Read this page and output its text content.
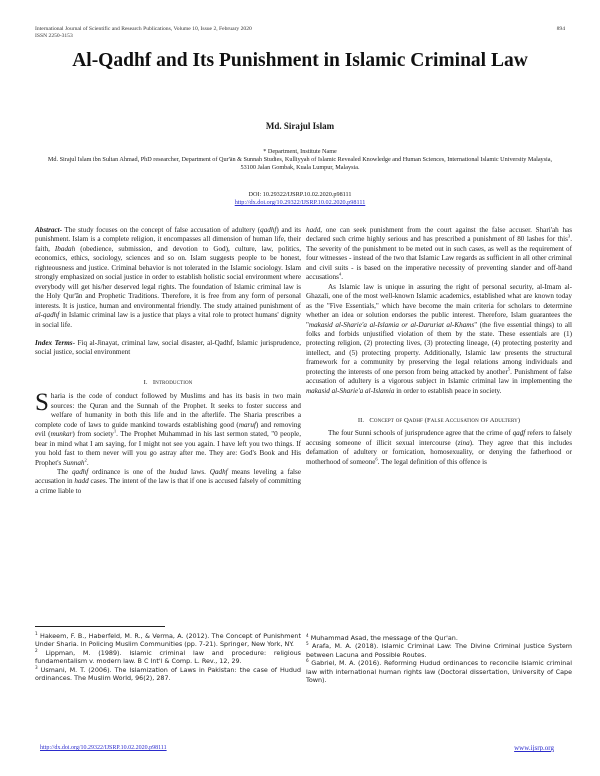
International Journal of Scientific and Research Publications, Volume 10, Issue 2, February 2020
ISSN 2250-3153
894
Al-Qadhf and Its Punishment in Islamic Criminal Law
Md. Sirajul Islam
* Department, Institute Name
Md. Sirajul Islam ibn Sultan Ahmad, PhD researcher, Department of Qur'ān & Sunnah Studies, Kulliyyah of Islamic Revealed Knowledge and Human Sciences, International Islamic University Malaysia, 53100 Jalan Gombak, Kuala Lumpur, Malaysia.
DOI: 10.29322/IJSRP.10.02.2020.p98111
http://dx.doi.org/10.29322/IJSRP.10.02.2020.p98111

Abstract- The study focuses on the concept of false accusation of adultery (qadhf) and its punishment. Islam is a complete religion, it encompasses all dimension of human life, their faith, Ibadah (obedience, submission, and devotion to God), culture, law, politics, economics, ethics, sociology, sciences and so on. Islam suggests people to be honest, righteousness and justice. Criminal behavior is not tolerated in the Islamic sociology. Islam strongly emphasized on social justice in order to establish holistic social environment where everybody will get his/her deserved legal rights. The foundation of Islamic criminal law is the Holy Qur'ān and Prophetic Traditions. Therefore, it is free from any form of personal interests. It is justice, human and environmental friendly. The study attained punishment of al-qadhf in Islamic criminal law is a justice that plays a vital role to protect humans' dignity in social life.

Index Terms- Fiq al-Jinayat, criminal law, social disaster, al-Qadhf, Islamic jurisprudence, social justice, social environment

I. Introduction

Sharia is the code of conduct followed by Muslims and has its basis in two main sources: the Quran and the Sunnah of the Prophet. It seeks to foster success and welfare of humanity in both this life and in the afterlife. The Sharia prescribes a complete code of laws to guide mankind towards establishing good (maruf) and removing evil (munkar) from society$^1$. The Prophet Muhammad in his last sermon stated, "0 people, bear in mind what I am saying, for I might not see you again. I have left you two things. If you hold fast to them never will you go astray after me. They are: God's Book and His Prophet's Sunnah$^2$.

The qadhf ordinance is one of the hudud laws. Qadhf means leveling a false accusation in hadd cases. The intent of the law is that if one is accused falsely of committing a crime liable to

hadd, one can seek punishment from the court against the false accuser. Shari'ah has declared such crime highly serious and has prescribed a punishment of 80 lashes for this$^3$. The severity of the punishment to be meted out in such cases, as well as the requirement of four witnesses - instead of the two that Islamic Law regards as sufficient in all other criminal and civil suits - is based on the imperative necessity of preventing slander and off-hand accusations$^4$.

As Islamic law is unique in assuring the right of personal security, al-Imam al-Ghazali, one of the most well-known Islamic academics, established what are known today as the "Five Essentials," which have become the main criteria for scholars to determine whether an idea or solution endorses the public interest. Therefore, Islam guarantees the "makasid al-Sharie'a al-Islamia or al-Daruriat al-Khams" (the five essential things) to all folks and forbids unjustified violation of them by the state. These essentials are (1) protecting religion, (2) protecting lives, (3) protecting lineage, (4) protecting posterity and intellect, and (5) protecting property. Additionally, Islamic law presents the structural framework for a community by preserving the legal relations among individuals and protecting the interests of one person from being attacked by another$^5$. Punishment of false accusation of adultery is a vigorous subject in Islamic criminal law in implementing the makasid al-Sharie'a al-Islamia in order to establish peace in society.

II. Concept of Qadhf (False Accusation Of Adultery)

The four Sunni schools of jurisprudence agree that the crime of qaḏf refers to falsely accusing someone of illicit sexual intercourse (zina). They agree that this includes defamation of adultery or fornication, homosexuality, or denying the fatherhood or motherhood of someone$^6$. The legal definition of this offence is

$^1$ Hakeem, F. B., Haberfeld, M. R., & Verma, A. (2012). The Concept of Punishment Under Sharia. In Policing Muslim Communities (pp. 7-21). Springer, New York, NY.

$^2$ Lippman, M. (1989). Islamic criminal law and procedure: religious fundamentalism v. modern law. B C Int'l & Comp. L. Rev., 12, 29.

$^3$ Usmani, M. T. (2006). The Islamization of Laws in Pakistan: the case of Hudud ordinances. The Muslim World, 96(2), 287.

$^4$ Muhammad Asad, the message of the Qur'an.

$^5$ Arafa, M. A. (2018). Islamic Criminal Law: The Divine Criminal Justice System between Lacuna and Possible Routes.

$^6$ Gabriel, M. A. (2016). Reforming Hudud ordinances to reconcile Islamic criminal law with international human rights law (Doctoral dissertation, University of Cape Town).

http://dx.doi.org/10.29322/IJSRP.10.02.2020.p98111	www.ijsrp.org
